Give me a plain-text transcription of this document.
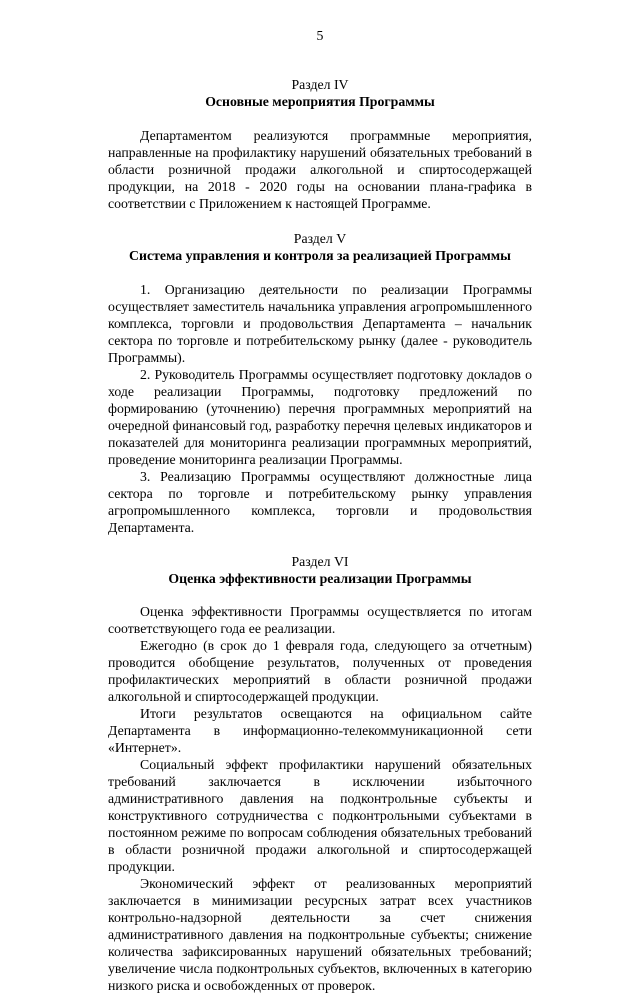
5
Раздел IV
Основные мероприятия Программы

Департаментом реализуются программные мероприятия, направленные на профилактику нарушений обязательных требований в области розничной продажи алкогольной и спиртосодержащей продукции, на 2018 - 2020 годы на основании плана-графика в соответствии с Приложением к настоящей Программе.

Раздел V
Система управления и контроля за реализацией Программы

1. Организацию деятельности по реализации Программы осуществляет заместитель начальника управления агропромышленного комплекса, торговли и продовольствия Департамента – начальник сектора по торговле и потребительскому рынку (далее - руководитель Программы).

2. Руководитель Программы осуществляет подготовку докладов о ходе реализации Программы, подготовку предложений по формированию (уточнению) перечня программных мероприятий на очередной финансовый год, разработку перечня целевых индикаторов и показателей для мониторинга реализации программных мероприятий, проведение мониторинга реализации Программы.

3. Реализацию Программы осуществляют должностные лица сектора по торговле и потребительскому рынку управления агропромышленного комплекса, торговли и продовольствия Департамента.

Раздел VI
Оценка эффективности реализации Программы

Оценка эффективности Программы осуществляется по итогам соответствующего года ее реализации.

Ежегодно (в срок до 1 февраля года, следующего за отчетным) проводится обобщение результатов, полученных от проведения профилактических мероприятий в области розничной продажи алкогольной и спиртосодержащей продукции.

Итоги результатов освещаются на официальном сайте Департамента в информационно-телекоммуникационной сети «Интернет».

Социальный эффект профилактики нарушений обязательных требований заключается в исключении избыточного административного давления на подконтрольные субъекты и конструктивного сотрудничества с подконтрольными субъектами в постоянном режиме по вопросам соблюдения обязательных требований в области розничной продажи алкогольной и спиртосодержащей продукции.

Экономический эффект от реализованных мероприятий заключается в минимизации ресурсных затрат всех участников контрольно-надзорной деятельности за счет снижения административного давления на подконтрольные субъекты; снижение количества зафиксированных нарушений обязательных требований; увеличение числа подконтрольных субъектов, включенных в категорию низкого риска и освобожденных от проверок.
